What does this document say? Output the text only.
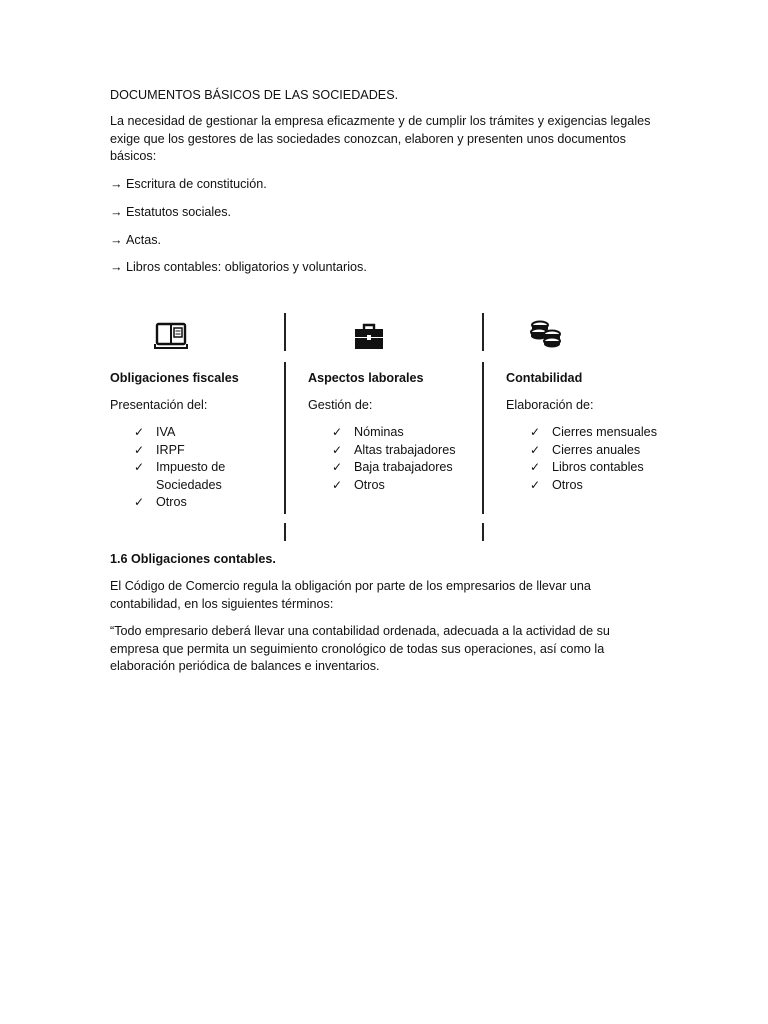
DOCUMENTOS BÁSICOS DE LAS SOCIEDADES.

La necesidad de gestionar la empresa eficazmente y de cumplir los trámites y exigencias legales exige que los gestores de las sociedades conozcan, elaboren y presenten unos documentos básicos:

→ Escritura de constitución.

→ Estatutos sociales.

→ Actas.

→ Libros contables: obligatorios y voluntarios.

Obligaciones fiscales
Presentación del:
✓ IVA
✓ IRPF
✓ Impuesto de Sociedades
✓ Otros
Aspectos laborales
Gestión de:
✓ Nóminas
✓ Altas trabajadores
✓ Baja trabajadores
✓ Otros
Contabilidad
Elaboración de:
✓ Cierres mensuales
✓ Cierres anuales
✓ Libros contables
✓ Otros

1.6 Obligaciones contables.

El Código de Comercio regula la obligación por parte de los empresarios de llevar una contabilidad, en los siguientes términos:

“Todo empresario deberá llevar una contabilidad ordenada, adecuada a la actividad de su empresa que permita un seguimiento cronológico de todas sus operaciones, así como la elaboración periódica de balances e inventarios.
